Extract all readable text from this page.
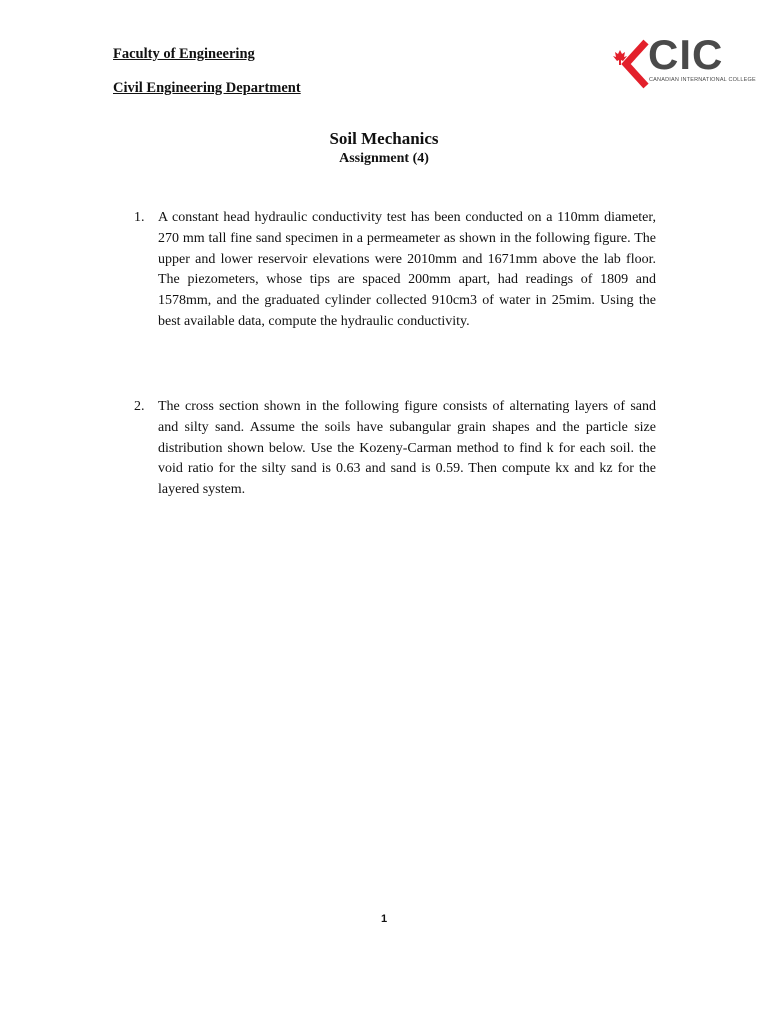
Faculty of Engineering

Civil Engineering Department

CIC
CANADIAN INTERNATIONAL COLLEGE
Soil Mechanics
Assignment (4)
1. A constant head hydraulic conductivity test has been conducted on a 110mm diameter, 270 mm tall fine sand specimen in a permeameter as shown in the following figure. The upper and lower reservoir elevations were 2010mm and 1671mm above the lab floor. The piezometers, whose tips are spaced 200mm apart, had readings of 1809 and 1578mm, and the graduated cylinder collected 910cm3 of water in 25mim. Using the best available data, compute the hydraulic conductivity.

2. The cross section shown in the following figure consists of alternating layers of sand and silty sand. Assume the soils have subangular grain shapes and the particle size distribution shown below. Use the Kozeny-Carman method to find k for each soil. the void ratio for the silty sand is 0.63 and sand is 0.59. Then compute kx and kz for the layered system.

1
